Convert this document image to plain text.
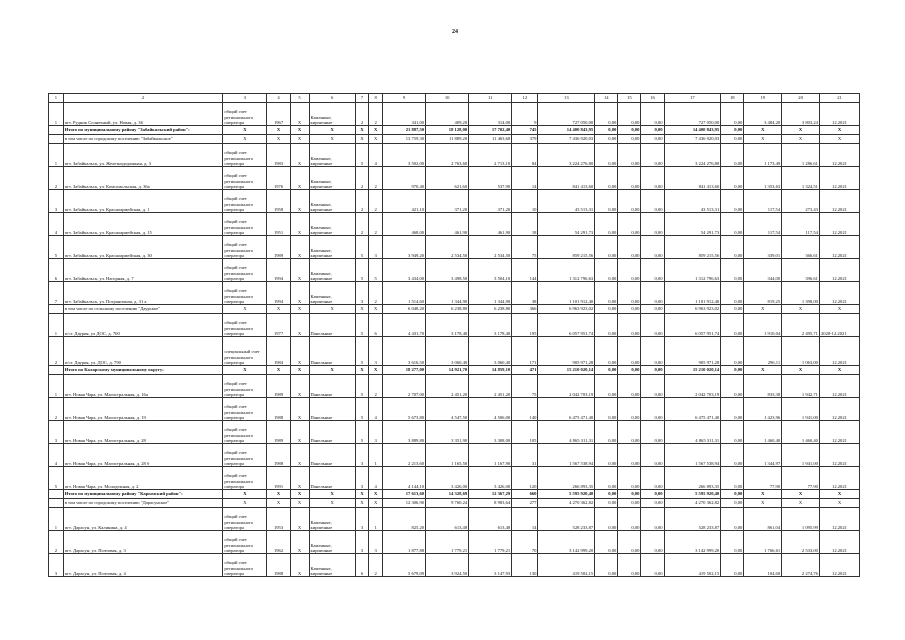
24
1	2	3	4	5	6	7	8	9	10	11	12	13	14	15	16	17	18	19	20	21
1	пгт. Рудник Солнечный, ул. Новая, д. 36	общий счет регионального оператора	1967	Х	Каменные, кирпичные	2	2	341,00	409,20	314,00	9	727 050,00	0,00	0,00	0,00	727 050,00	0,00	3 484,20	3 803,24	12.2021
	Итого по муниципальному району "Забайкальский район":	Х	Х	Х	Х	Х	Х	21 887,50	18 128,00	17 702,40	745	14 400 843,95	0,00	0,00	0,00	14 400 843,95	0,00	Х	Х	Х
	в том числе по городскому поселению "Забайкальское"	Х	Х	Х	Х	Х	Х	13 759,30	11 889,20	11 463,60	379	7 436 920,03	0,00	0,00	0,00	7 436 920,03	0,00	Х	Х	Х
1	пгт. Забайкальск, ул. Железнодорожная, д. 3	общий счет регионального оператора	1983	Х	Каменные, кирпичные	5	4	3 502,00	2 763,60	2 713,10	84	3 224 276,80	0,00	0,00	0,00	3 224 276,80	0,00	1 173,49	1 286,61	12.2021
2	пгт. Забайкальск, ул. Комсомольская, д. 36а	общий счет регионального оператора	1976	Х	Каменные, кирпичные	2	2	970,40	621,60	537,90	14	841 413,60	0,00	0,00	0,00	841 413,60	0,00	1 353,63	1 324,51	12.2021
3	пгт. Забайкальск, ул. Красноармейская, д. 1	общий счет регионального оператора	1958	Х	Каменные, кирпичные	2	2	421,10	371,20	371,20	10	43 513,31	0,00	0,00	0,00	43 513,31	0,00	117,54	273,43	12.2021
4	пгт. Забайкальск, ул. Красноармейская, д. 15	общий счет регионального оператора	1951	Х	Каменные, кирпичные	2	2	468,00	461,90	461,90	18	54 291,73	0,00	0,00	0,00	54 291,73	0,00	117,54	117,54	12.2021
5	пгт. Забайкальск, ул. Красноармейская, д. 30	общий счет регионального оператора	1989	Х	Каменные, кирпичные	5	3	3 949,20	2 534,50	2 534,50	75	859 215,56	0,00	0,00	0,00	859 215,56	0,00	339,01	366,61	12.2021
6	пгт. Забайкальск, ул. Нагорная, д. 7	общий счет регионального оператора	1994	Х	Каменные, кирпичные	5	5	3 434,00	3 498,50	3 504,10	144	1 312 796,63	0,00	0,00	0,00	1 312 796,63	0,00	344,00	396,61	12.2021
7	пгт. Забайкальск, ул. Пограничная, д. 31 а	общий счет регионального оператора	1994	Х	Каменные, кирпичные	3	2	1 514,60	1 344,90	1 344,90	38	1 101 912,40	0,00	0,00	0,00	1 101 912,40	0,00	819,25	1 398,00	12.2021
	в том числе по сельскому поселению "Даурское"	Х	Х	Х	Х	Х	Х	6 048,20	6 238,80	6 238,80	366	6 963 923,02	0,00	0,00	0,00	6 963 923,02	0,00	Х	Х	Х
1	п/ст. Даурия, ул ДОС, д. 700	общий счет регионального оператора	1977	Х	Панельные	5	6	4 431,70	3 178,40	3 178,40	195	6 057 951,74	0,00	0,00	0,00	6 057 951,74	0,00	1 910,04	2 495,71	2020-12.2021
2	п/ст. Даурия, ул. ДОС, д. 790	специальный счет регионального оператора	1984	Х	Панельные	5	3	3 616,50	3 060,40	3 060,40	171	905 971,28	0,00	0,00	0,00	905 971,28	0,00	296,11	1 063,00	12.2021
	Итого по Каларскому муниципальному округу:	Х	Х	Х	Х	Х	Х	18 277,00	14 921,70	14 859,10	471	15 210 020,14	0,00	0,00	0,00	15 210 020,14	0,00	Х	Х	Х
1	пгт. Новая Чара, ул. Магистральная, д. 16а	общий счет регионального оператора	1989	Х	Панельные	5	2	2 707,00	2 451,20	2 451,20	75	2 042 703,19	0,00	0,00	0,00	2 042 703,19	0,00	833,38	1 942,71	12.2021
2	пгт. Новая Чара, ул. Магистральная, д. 19	общий счет регионального оператора	1988	Х	Панельные	5	4	5 673,80	4 547,50	4 506,00	140	6 475 471,40	0,00	0,00	0,00	6 475 471,40	0,00	1 423,96	1 941,00	12.2021
3	пгт. Новая Чара, ул. Магистральная, д. 28	общий счет регионального оператора	1989	Х	Панельные	5	3	3 889,80	3 351,90	3 308,00	105	4 865 311,31	0,00	0,00	0,00	4 865 311,31	0,00	1 460,40	1 460,40	12.2021
4	пгт. Новая Чара, ул. Магистральная, д. 28 б	общий счет регионального оператора	1988	Х	Панельные	3	1	2 213,60	1 165,50	1 167,90	31	1 567 538,94	0,00	0,00	0,00	1 567 538,94	0,00	1 344,97	1 941,00	12.2021
5	пгт. Новая Чара, ул. Молодежная, д. 2	общий счет регионального оператора	1991	Х	Панельные	3	4	4 144,10	3 426,00	3 426,00	120	266 893,35	0,00	0,00	0,00	266 893,35	0,00	77,90	77,90	12.2021
	Итого по муниципальному району "Карымский район":	Х	Х	Х	Х	Х	Х	17 613,60	14 328,69	12 367,29	660	5 595 920,40	0,00	0,00	0,00	5 595 920,40	0,00	Х	Х	Х
	в том числе по городскому поселению "Дарасунское"	Х	Х	Х	Х	Х	Х	12 306,90	9 760,24	8 983,64	277	4 270 362,82	0,00	0,00	0,00	4 270 362,82	0,00	Х	Х	Х
1	пгт. Дарасун, ул. Калинина, д. 4	общий счет регионального оператора	1953	Х	Каменные, кирпичные	3	1	825,20	613,48	613,48	14	528 233,87	0,00	0,00	0,00	528 233,87	0,00	861,04	1 095,99	12.2021
2	пгт. Дарасун, ул. Почтовая, д. 3	общий счет регионального оператора	1962	Х	Каменные, кирпичные	3	3	1 877,88	1 779,21	1 779,21	70	3 142 999,20	0,00	0,00	0,00	3 142 999,20	0,00	1 766,61	2 533,00	12.2021
3	пгт. Дарасун, ул. Почтовая, д. 4	общий счет регионального оператора	1988	Х	Каменные, кирпичные	6	2	5 679,09	3 924,50	3 147,93	130	419 502,15	0,00	0,00	0,00	419 502,15	0,00	104,60	2 274,76	12.2021
